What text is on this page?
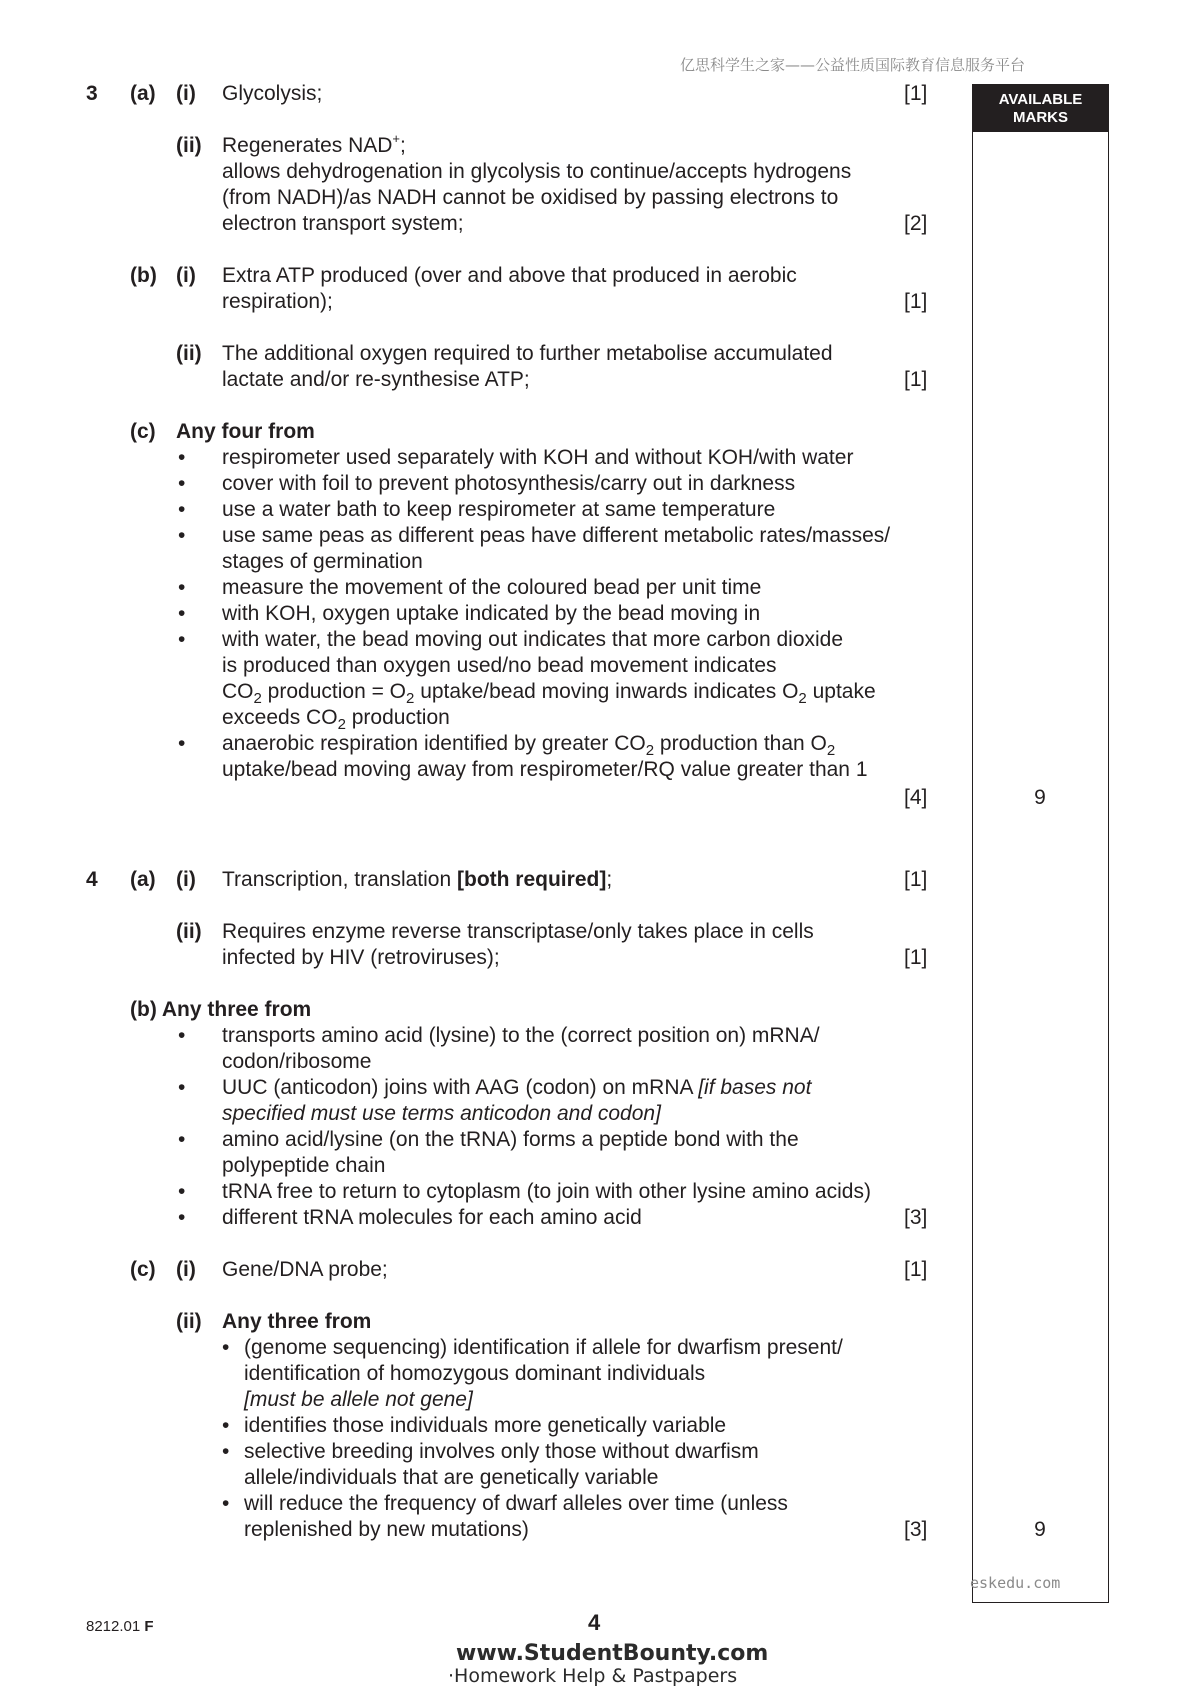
亿思科学生之家——公益性质国际教育信息服务平台
AVAILABLE
MARKS
3 (a) (i) Glycolysis;	[1]
(ii) Regenerates NAD+;
allows dehydrogenation in glycolysis to continue/accepts hydrogens
(from NADH)/as NADH cannot be oxidised by passing electrons to
electron transport system;	[2]
(b) (i) Extra ATP produced (over and above that produced in aerobic
respiration);	[1]
(ii) The additional oxygen required to further metabolise accumulated
lactate and/or re-synthesise ATP;	[1]
(c) Any four from
• respirometer used separately with KOH and without KOH/with water
• cover with foil to prevent photosynthesis/carry out in darkness
• use a water bath to keep respirometer at same temperature
• use same peas as different peas have different metabolic rates/masses/
stages of germination
• measure the movement of the coloured bead per unit time
• with KOH, oxygen uptake indicated by the bead moving in
• with water, the bead moving out indicates that more carbon dioxide
is produced than oxygen used/no bead movement indicates
$CO_2$ production = $O_2$ uptake/bead moving inwards indicates $O_2$ uptake
exceeds $CO_2$ production
• anaerobic respiration identified by greater $CO_2$ production than $O_2$
uptake/bead moving away from respirometer/RQ value greater than 1
[4]	9
4 (a) (i) Transcription, translation [both required];	[1]
(ii) Requires enzyme reverse transcriptase/only takes place in cells
infected by HIV (retroviruses);	[1]
(b) Any three from
• transports amino acid (lysine) to the (correct position on) mRNA/
codon/ribosome
• UUC (anticodon) joins with AAG (codon) on mRNA [if bases not
specified must use terms anticodon and codon]
• amino acid/lysine (on the tRNA) forms a peptide bond with the
polypeptide chain
• tRNA free to return to cytoplasm (to join with other lysine amino acids)
• different tRNA molecules for each amino acid	[3]
(c) (i) Gene/DNA probe;	[1]
(ii) Any three from
• (genome sequencing) identification if allele for dwarfism present/
identification of homozygous dominant individuals
[must be allele not gene]
• identifies those individuals more genetically variable
• selective breeding involves only those without dwarfism
allele/individuals that are genetically variable
• will reduce the frequency of dwarf alleles over time (unless
replenished by new mutations)	[3]	9
eskedu.com
8212.01 F	4
www.StudentBounty.com
·Homework Help & Pastpapers
